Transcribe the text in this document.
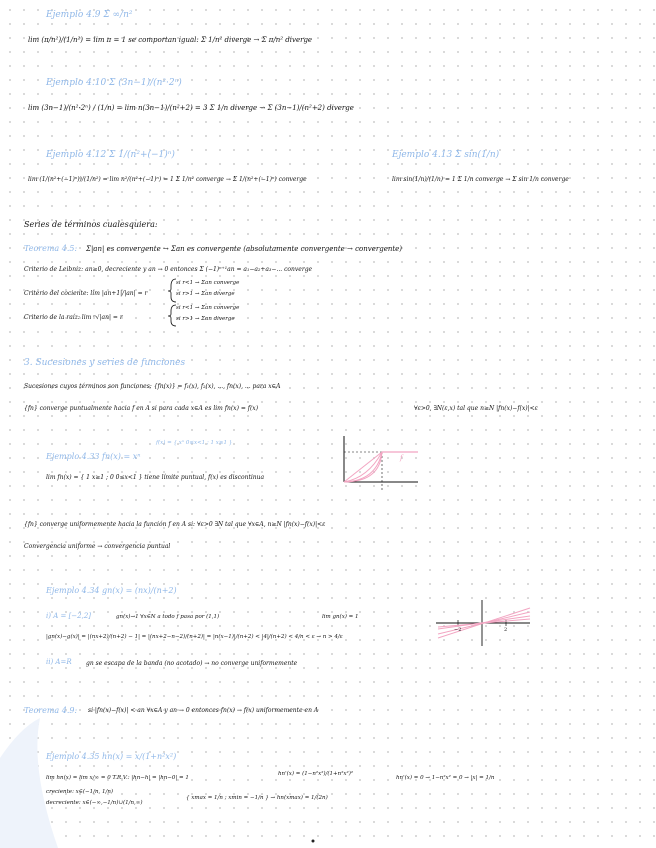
Ejemplo 4.9 Σ ∞/n²
lim (π/n²)/(1/n²) = lim π = 1 se comportan igual: Σ 1/n² diverge → Σ π/n² diverge
Ejemplo 4.10 Σ (3n−1)/(n²·2ⁿ)
lim (3n−1)/(n²·2ⁿ) / (1/n) = lim n(3n−1)/(n²+2) = 3 Σ 1/n diverge → Σ (3n−1)/(n²+2) diverge
Ejemplo 4.12 Σ 1/(n²+(−1)ⁿ)
lim (1/(n²+(−1)ⁿ))/(1/n²) = lim n²/(n²+(−1)ⁿ) = 1 Σ 1/n² converge → Σ 1/(n²+(−1)ⁿ) converge
Ejemplo 4.13 Σ sin(1/n)
lim sin(1/n)/(1/n) = 1 Σ 1/n converge → Σ sin 1/n converge
Series de términos cualesquiera:
Teorema 4.5: Σ|an| es convergente → Σan es convergente (absolutamente convergente → convergente)
Criterio de Leibniz: an≥0, decreciente y an → 0 entonces Σ (−1)ⁿ⁺¹an = a₁−a₂+a₃−... converge
Criterio del cociente: lim |an+1|/|an| = r
si r<1 → Σan converge
si r>1 → Σan diverge
Criterio de la raíz: lim ⁿ√|an| = r
si r<1 → Σan converge
si r>1 → Σan diverge
3. Sucesiones y series de funciones
Sucesiones cuyos términos son funciones: {fn(x)} = f₁(x), f₂(x), ..., fn(x), ... para x∈A
{fn} converge puntualmente hacia f en A si para cada x∈A es lim fn(x) = f(x)	∀ε>0, ∃N(ε,x) tal que n≥N |fn(x)−f(x)|<ε
Ejemplo 4.33 fn(x) = xⁿ
f(x) = { xⁿ 0≤x<1 ; 1 x≥1 }
lim fn(x) = { 1 x≥1 ; 0 0≤x<1 } tiene límite puntual, f(x) es discontinua
f
{fn} converge uniformemente hacia la función f en A si: ∀ε>0 ∃N tal que ∀x∈A, n≥N |fn(x)−f(x)|<ε
Convergencia uniforme → convergencia puntual
Ejemplo 4.34 gn(x) = (nx)/(n+2)
i) A = [−2,2]	gn(x)→1 ∀x∈N a todo f pasa por (1,1)	lim gn(x) = 1
|gn(x)−g(x)| = |(nx+2)/(n+2) − 1| = |(nx+2−n−2)/(n+2)| = |n(x−1)|/(n+2) < |4|/(n+2) < 4/n < ε → n > 4/ε
ii) A=R gn se escapa de la banda (no acotado) → no converge uniformemente
−2	2
Teorema 4.9: si |fn(x)−f(x)| < an ∀x∈A y an → 0 entonces fn(x) → f(x) uniformemente en A
Ejemplo 4.35 hn(x) = x/(1+n²x²)
lim hn(x) = lim x/∞ = 0 T.R.V.: |hn−h| = |hn−0| = 1
hn'(x) = (1−n²x²)/(1+n²x²)²
hn'(x) = 0 → 1−n²x² = 0 → |x| = 1/n
creciente: x∈(−1/n, 1/n)
decreciente: x∈(−∞,−1/n)∪(1/n,∞)
{ xmax = 1/n ; xmin = −1/n } → hn(xmax) = 1/(2n)
